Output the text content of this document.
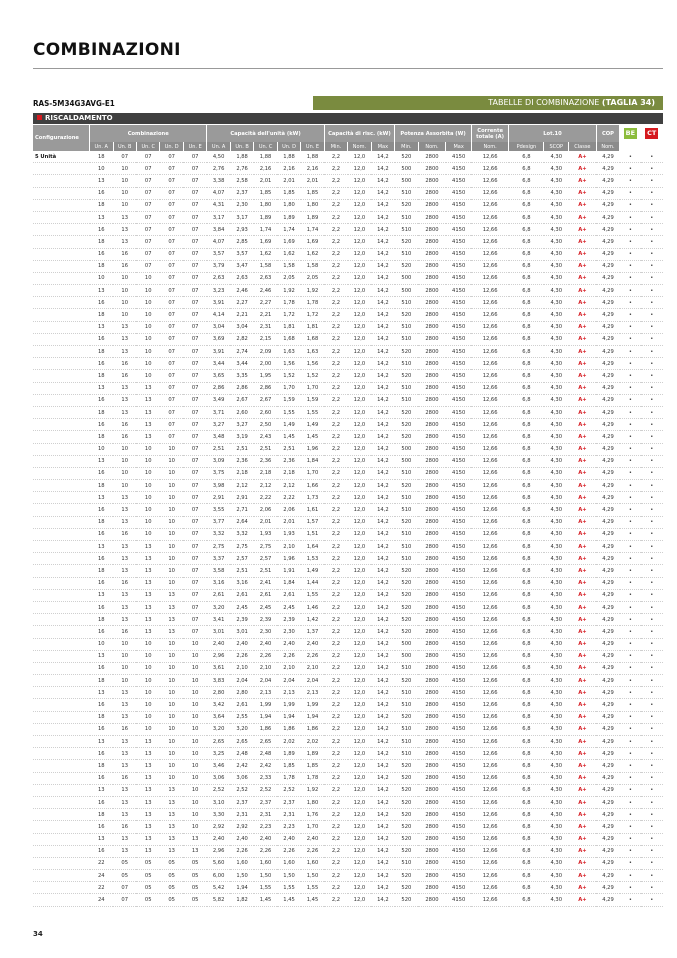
COMBINAZIONI
RAS-5M34G3AVG-E1	TABELLE DI COMBINAZIONE (TAGLIA 34)
RISCALDAMENTO
Configurazione	Combinazione					Capacità dell'unità (kW)					Capacità di risc. (kW)			Potenza Assorbita (W)			Corrente totale (A)	Lot.10			COP	BE	CT
	Un. A	Un. B	Un. C	Un. D	Un. E	Un. A	Un. B	Un. C	Un. D	Un. E	Min.	Nom.	Max	Min.	Nom.	Max	Nom.	Pdesign	SCOP	Classe	Nom.		
5 Unità	18	07	07	07	07	4,50	1,88	1,88	1,88	1,88	2,2	12,0	14,2	520	2800	4150	12,66	6,8	4,30	A+	4,29	•	•
	10	10	07	07	07	2,76	2,76	2,16	2,16	2,16	2,2	12,0	14,2	500	2800	4150	12,66	6,8	4,30	A+	4,29	•	•
	13	10	07	07	07	3,38	2,58	2,01	2,01	2,01	2,2	12,0	14,2	500	2800	4150	12,66	6,8	4,30	A+	4,29	•	•
	16	10	07	07	07	4,07	2,37	1,85	1,85	1,85	2,2	12,0	14,2	510	2800	4150	12,66	6,8	4,30	A+	4,29	•	•
	18	10	07	07	07	4,31	2,30	1,80	1,80	1,80	2,2	12,0	14,2	520	2800	4150	12,66	6,8	4,30	A+	4,29	•	•
	13	13	07	07	07	3,17	3,17	1,89	1,89	1,89	2,2	12,0	14,2	510	2800	4150	12,66	6,8	4,30	A+	4,29	•	•
	16	13	07	07	07	3,84	2,93	1,74	1,74	1,74	2,2	12,0	14,2	510	2800	4150	12,66	6,8	4,30	A+	4,29	•	•
	18	13	07	07	07	4,07	2,85	1,69	1,69	1,69	2,2	12,0	14,2	520	2800	4150	12,66	6,8	4,30	A+	4,29	•	•
	16	16	07	07	07	3,57	3,57	1,62	1,62	1,62	2,2	12,0	14,2	510	2800	4150	12,66	6,8	4,30	A+	4,29	•	•
	18	16	07	07	07	3,79	3,47	1,58	1,58	1,58	2,2	12,0	14,2	520	2800	4150	12,66	6,8	4,30	A+	4,29	•	•
	10	10	10	07	07	2,63	2,63	2,63	2,05	2,05	2,2	12,0	14,2	500	2800	4150	12,66	6,8	4,30	A+	4,29	•	•
	13	10	10	07	07	3,23	2,46	2,46	1,92	1,92	2,2	12,0	14,2	500	2800	4150	12,66	6,8	4,30	A+	4,29	•	•
	16	10	10	07	07	3,91	2,27	2,27	1,78	1,78	2,2	12,0	14,2	510	2800	4150	12,66	6,8	4,30	A+	4,29	•	•
	18	10	10	07	07	4,14	2,21	2,21	1,72	1,72	2,2	12,0	14,2	520	2800	4150	12,66	6,8	4,30	A+	4,29	•	•
	13	13	10	07	07	3,04	3,04	2,31	1,81	1,81	2,2	12,0	14,2	510	2800	4150	12,66	6,8	4,30	A+	4,29	•	•
	16	13	10	07	07	3,69	2,82	2,15	1,68	1,68	2,2	12,0	14,2	510	2800	4150	12,66	6,8	4,30	A+	4,29	•	•
	18	13	10	07	07	3,91	2,74	2,09	1,63	1,63	2,2	12,0	14,2	520	2800	4150	12,66	6,8	4,30	A+	4,29	•	•
	16	16	10	07	07	3,44	3,44	2,00	1,56	1,56	2,2	12,0	14,2	510	2800	4150	12,66	6,8	4,30	A+	4,29	•	•
	18	16	10	07	07	3,65	3,35	1,95	1,52	1,52	2,2	12,0	14,2	520	2800	4150	12,66	6,8	4,30	A+	4,29	•	•
	13	13	13	07	07	2,86	2,86	2,86	1,70	1,70	2,2	12,0	14,2	510	2800	4150	12,66	6,8	4,30	A+	4,29	•	•
	16	13	13	07	07	3,49	2,67	2,67	1,59	1,59	2,2	12,0	14,2	510	2800	4150	12,66	6,8	4,30	A+	4,29	•	•
	18	13	13	07	07	3,71	2,60	2,60	1,55	1,55	2,2	12,0	14,2	520	2800	4150	12,66	6,8	4,30	A+	4,29	•	•
	16	16	13	07	07	3,27	3,27	2,50	1,49	1,49	2,2	12,0	14,2	520	2800	4150	12,66	6,8	4,30	A+	4,29	•	•
	18	16	13	07	07	3,48	3,19	2,43	1,45	1,45	2,2	12,0	14,2	520	2800	4150	12,66	6,8	4,30	A+	4,29	•	•
	10	10	10	10	07	2,51	2,51	2,51	2,51	1,96	2,2	12,0	14,2	500	2800	4150	12,66	6,8	4,30	A+	4,29	•	•
	13	10	10	10	07	3,09	2,36	2,36	2,36	1,84	2,2	12,0	14,2	500	2800	4150	12,66	6,8	4,30	A+	4,29	•	•
	16	10	10	10	07	3,75	2,18	2,18	2,18	1,70	2,2	12,0	14,2	510	2800	4150	12,66	6,8	4,30	A+	4,29	•	•
	18	10	10	10	07	3,98	2,12	2,12	2,12	1,66	2,2	12,0	14,2	520	2800	4150	12,66	6,8	4,30	A+	4,29	•	•
	13	13	10	10	07	2,91	2,91	2,22	2,22	1,73	2,2	12,0	14,2	510	2800	4150	12,66	6,8	4,30	A+	4,29	•	•
	16	13	10	10	07	3,55	2,71	2,06	2,06	1,61	2,2	12,0	14,2	510	2800	4150	12,66	6,8	4,30	A+	4,29	•	•
	18	13	10	10	07	3,77	2,64	2,01	2,01	1,57	2,2	12,0	14,2	520	2800	4150	12,66	6,8	4,30	A+	4,29	•	•
	16	16	10	10	07	3,32	3,32	1,93	1,93	1,51	2,2	12,0	14,2	510	2800	4150	12,66	6,8	4,30	A+	4,29	•	•
	13	13	13	10	07	2,75	2,75	2,75	2,10	1,64	2,2	12,0	14,2	510	2800	4150	12,66	6,8	4,30	A+	4,29	•	•
	16	13	13	10	07	3,37	2,57	2,57	1,96	1,53	2,2	12,0	14,2	510	2800	4150	12,66	6,8	4,30	A+	4,29	•	•
	18	13	13	10	07	3,58	2,51	2,51	1,91	1,49	2,2	12,0	14,2	520	2800	4150	12,66	6,8	4,30	A+	4,29	•	•
	16	16	13	10	07	3,16	3,16	2,41	1,84	1,44	2,2	12,0	14,2	520	2800	4150	12,66	6,8	4,30	A+	4,29	•	•
	13	13	13	13	07	2,61	2,61	2,61	2,61	1,55	2,2	12,0	14,2	520	2800	4150	12,66	6,8	4,30	A+	4,29	•	•
	16	13	13	13	07	3,20	2,45	2,45	2,45	1,46	2,2	12,0	14,2	520	2800	4150	12,66	6,8	4,30	A+	4,29	•	•
	18	13	13	13	07	3,41	2,39	2,39	2,39	1,42	2,2	12,0	14,2	520	2800	4150	12,66	6,8	4,30	A+	4,29	•	•
	16	16	13	13	07	3,01	3,01	2,30	2,30	1,37	2,2	12,0	14,2	520	2800	4150	12,66	6,8	4,30	A+	4,29	•	•
	10	10	10	10	10	2,40	2,40	2,40	2,40	2,40	2,2	12,0	14,2	500	2800	4150	12,66	6,8	4,30	A+	4,29	•	•
	13	10	10	10	10	2,96	2,26	2,26	2,26	2,26	2,2	12,0	14,2	500	2800	4150	12,66	6,8	4,30	A+	4,29	•	•
	16	10	10	10	10	3,61	2,10	2,10	2,10	2,10	2,2	12,0	14,2	510	2800	4150	12,66	6,8	4,30	A+	4,29	•	•
	18	10	10	10	10	3,83	2,04	2,04	2,04	2,04	2,2	12,0	14,2	520	2800	4150	12,66	6,8	4,30	A+	4,29	•	•
	13	13	10	10	10	2,80	2,80	2,13	2,13	2,13	2,2	12,0	14,2	510	2800	4150	12,66	6,8	4,30	A+	4,29	•	•
	16	13	10	10	10	3,42	2,61	1,99	1,99	1,99	2,2	12,0	14,2	510	2800	4150	12,66	6,8	4,30	A+	4,29	•	•
	18	13	10	10	10	3,64	2,55	1,94	1,94	1,94	2,2	12,0	14,2	520	2800	4150	12,66	6,8	4,30	A+	4,29	•	•
	16	16	10	10	10	3,20	3,20	1,86	1,86	1,86	2,2	12,0	14,2	510	2800	4150	12,66	6,8	4,30	A+	4,29	•	•
	13	13	13	10	10	2,65	2,65	2,65	2,02	2,02	2,2	12,0	14,2	510	2800	4150	12,66	6,8	4,30	A+	4,29	•	•
	16	13	13	10	10	3,25	2,48	2,48	1,89	1,89	2,2	12,0	14,2	510	2800	4150	12,66	6,8	4,30	A+	4,29	•	•
	18	13	13	10	10	3,46	2,42	2,42	1,85	1,85	2,2	12,0	14,2	520	2800	4150	12,66	6,8	4,30	A+	4,29	•	•
	16	16	13	10	10	3,06	3,06	2,33	1,78	1,78	2,2	12,0	14,2	520	2800	4150	12,66	6,8	4,30	A+	4,29	•	•
	13	13	13	13	10	2,52	2,52	2,52	2,52	1,92	2,2	12,0	14,2	520	2800	4150	12,66	6,8	4,30	A+	4,29	•	•
	16	13	13	13	10	3,10	2,37	2,37	2,37	1,80	2,2	12,0	14,2	520	2800	4150	12,66	6,8	4,30	A+	4,29	•	•
	18	13	13	13	10	3,30	2,31	2,31	2,31	1,76	2,2	12,0	14,2	520	2800	4150	12,66	6,8	4,30	A+	4,29	•	•
	16	16	13	13	10	2,92	2,92	2,23	2,23	1,70	2,2	12,0	14,2	520	2800	4150	12,66	6,8	4,30	A+	4,29	•	•
	13	13	13	13	13	2,40	2,40	2,40	2,40	2,40	2,2	12,0	14,2	520	2800	4150	12,66	6,8	4,30	A+	4,29	•	•
	16	13	13	13	13	2,96	2,26	2,26	2,26	2,26	2,2	12,0	14,2	520	2800	4150	12,66	6,8	4,30	A+	4,29	•	•
	22	05	05	05	05	5,60	1,60	1,60	1,60	1,60	2,2	12,0	14,2	510	2800	4150	12,66	6,8	4,30	A+	4,29	•	•
	24	05	05	05	05	6,00	1,50	1,50	1,50	1,50	2,2	12,0	14,2	520	2800	4150	12,66	6,8	4,30	A+	4,29	•	•
	22	07	05	05	05	5,42	1,94	1,55	1,55	1,55	2,2	12,0	14,2	520	2800	4150	12,66	6,8	4,30	A+	4,29	•	•
	24	07	05	05	05	5,82	1,82	1,45	1,45	1,45	2,2	12,0	14,2	520	2800	4150	12,66	6,8	4,30	A+	4,29	•	•
34
